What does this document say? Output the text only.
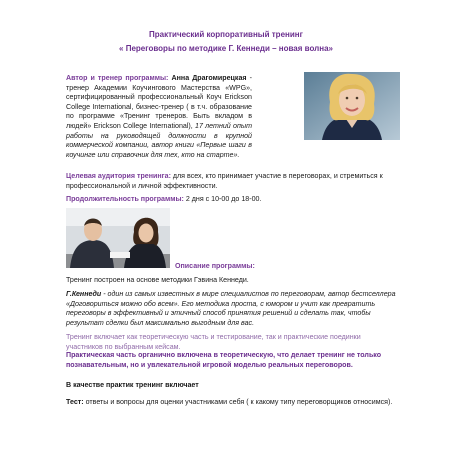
Практический корпоративный тренинг
« Переговоры по методике Г. Кеннеди – новая волна»
Автор и тренер программы: Анна Драгомирецкая - тренер Академии Коучингового Мастерства «WPG», сертифицированный профессиональный Коуч Erickson College International, бизнес-тренер ( в т.ч. образование по программе «Тренинг тренеров. Быть вкладом в людей» Erickson College International), 17 летний опыт работы на руководящей должности в крупной коммерческой компании, автор книги «Первые шаги в коучинге или справочник для тех, кто на старте».
Целевая аудитория тренинга: для всех, кто принимает участие в переговорах, и стремиться к профессиональной и личной эффективности.
Продолжительность программы: 2 дня с 10-00 до 18-00.
Описание программы:
Тренинг построен на основе методики Гэвина Кеннеди.
Г.Кеннеди - один из самых известных в мире специалистов по переговорам, автор бестселлера «Договориться можно обо всем». Его методика проста, с юмором и учит как превратить переговоры в эффективный и этичный способ принятия решений и сделать так, чтобы результат сделки был максимально выгодным для вас.
Тренинг включает как теоретическую часть и тестирование, так и практические поединки участников по выбранным кейсам.
Практическая часть органично включена в теоретическую, что делает тренинг не только познавательным, но и увлекательной игровой моделью реальных переговоров.
В качестве практик тренинг включает
Тест: ответы и вопросы для оценки участниками себя ( к какому типу переговорщиков относимся).
